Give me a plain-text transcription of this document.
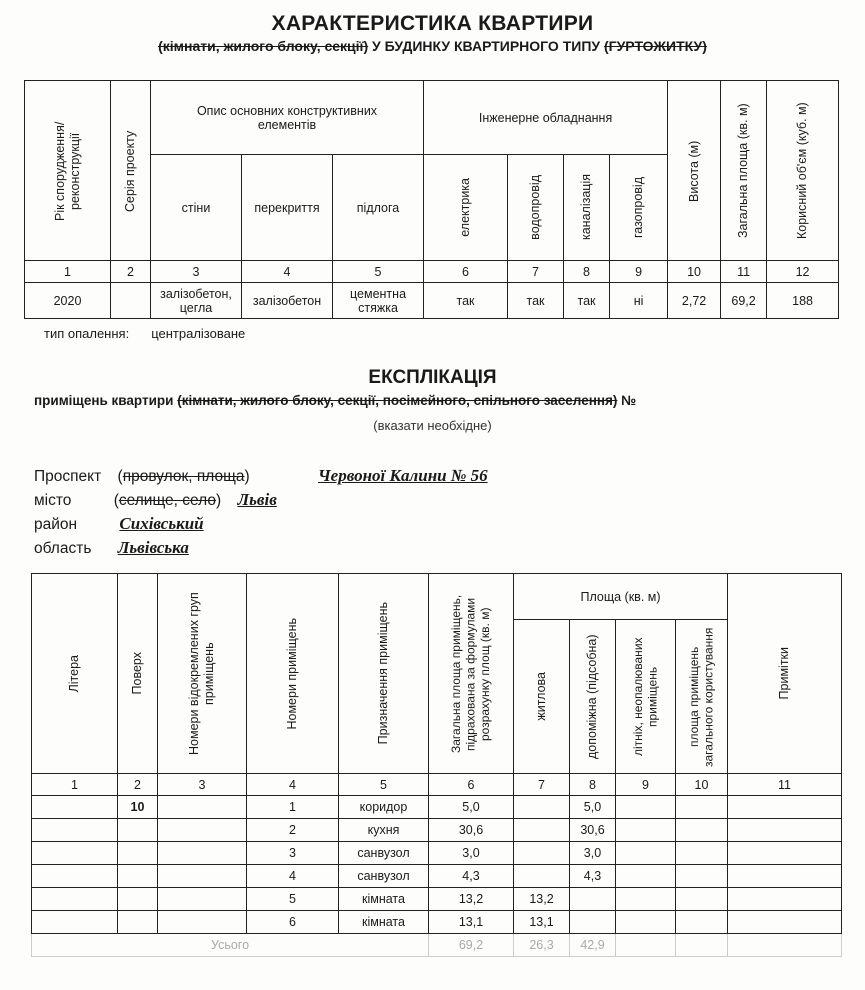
ХАРАКТЕРИСТИКА КВАРТИРИ
(кімнати, жилого блоку, секції) У БУДИНКУ КВАРТИРНОГО ТИПУ (ГУРТОЖИТКУ)
Рік спорудження/ реконструкції	Серія проекту	Опис основних конструктивних елементів			Інженерне обладнання				Висота (м)	Загальна площа (кв. м)	Корисний об'єм (куб. м)

		стіни	перекриття	підлога	електрика	водопровід	каналізація	газопровід			

1	2	3	4	5	6	7	8	9	10	11	12
2020		залізобетон, цегла	залізобетон	цементна стяжка	так	так	так	ні	2,72	69,2	188
тип опалення: централізоване
ЕКСПЛІКАЦІЯ
приміщень квартири (кімнати, жилого блоку, секції, посімейного, спільного заселення) №
(вказати необхідне)
Проспект (провулок, площа)	Червоної Калини № 56
місто	(селище, село) Львів
район Сихівський
область Львівська
Літера	Поверх	Номери відокремлених груп приміщень	Номери приміщень	Призначення приміщень	Загальна площа приміщень, підрахована за формулами розрахунку площ (кв. м)	Площа (кв. м)				Примітки

						житлова	допоміжна (підсобна)	літніх, неопалюваних приміщень	площа приміщень загального користування	

1	2	3	4	5	6	7	8	9	10	11
	10		1	коридор	5,0		5,0			
			2	кухня	30,6		30,6			
			3	санвузол	3,0		3,0			
			4	санвузол	4,3		4,3			
			5	кімната	13,2	13,2				
			6	кімната	13,1	13,1				
Усього					69,2	26,3	42,9			
